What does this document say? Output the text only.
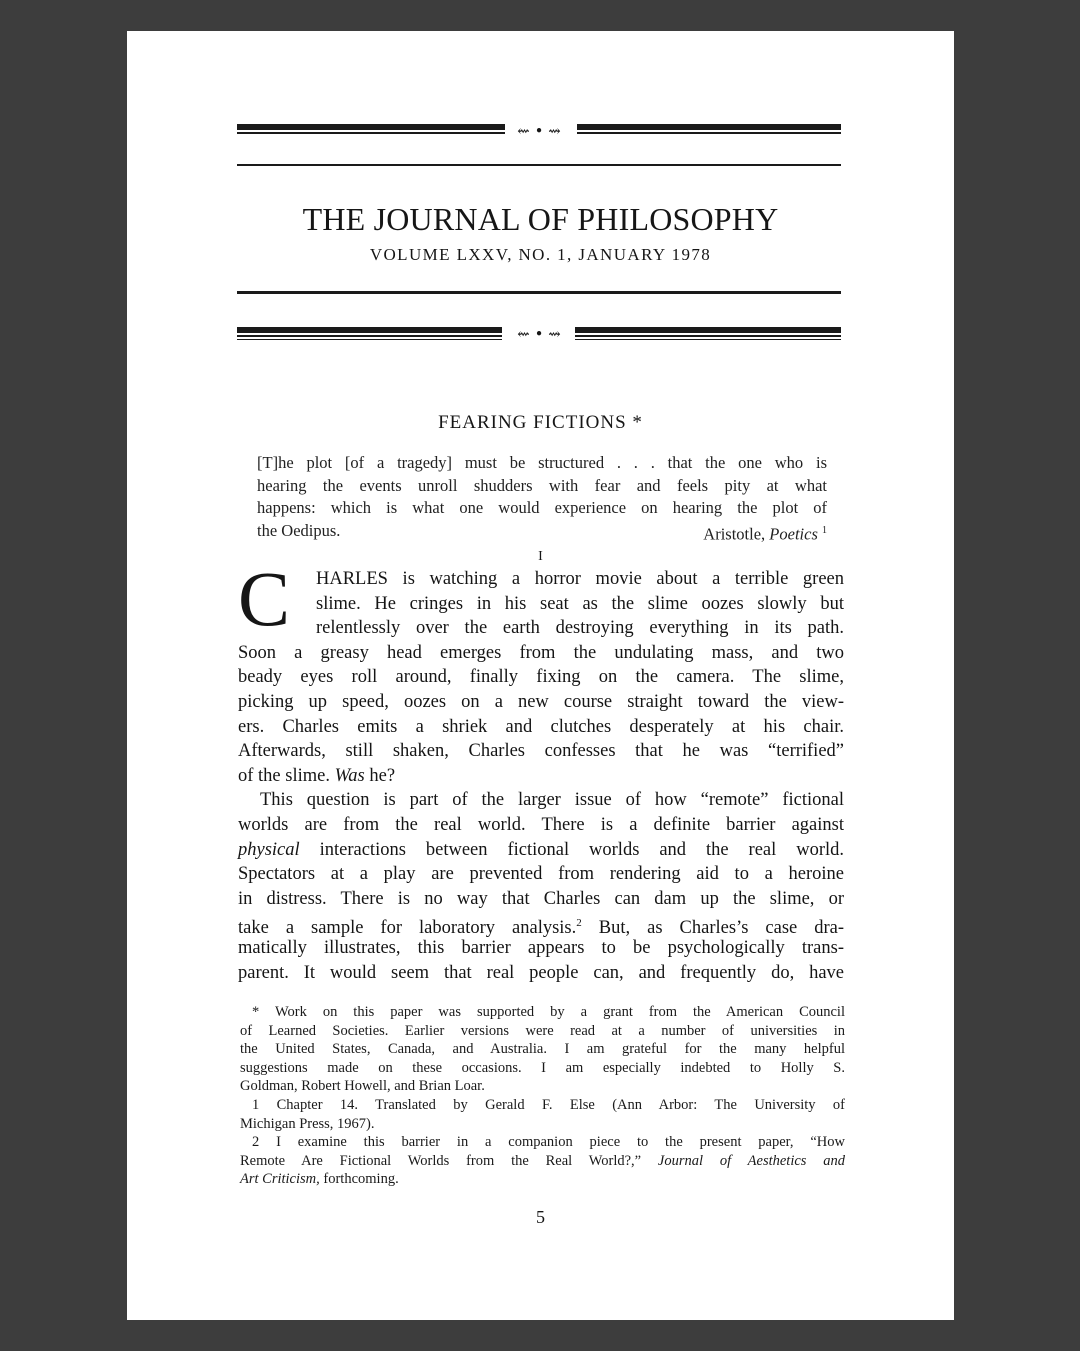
⇜ • ⇝
THE JOURNAL OF PHILOSOPHY
VOLUME LXXV, NO. 1, JANUARY 1978
⇜ • ⇝
FEARING FICTIONS *
[T]he plot [of a tragedy] must be structured . . . that the one who is
hearing the events unroll shudders with fear and feels pity at what
happens: which is what one would experience on hearing the plot of
the Oedipus.	Aristotle, Poetics $^1$
I
C	HARLES is watching a horror movie about a terrible green
slime. He cringes in his seat as the slime oozes slowly but
relentlessly over the earth destroying everything in its path.
Soon a greasy head emerges from the undulating mass, and two
beady eyes roll around, finally fixing on the camera. The slime,
picking up speed, oozes on a new course straight toward the view-
ers. Charles emits a shriek and clutches desperately at his chair.
Afterwards, still shaken, Charles confesses that he was “terrified”
of the slime. Was he?
This question is part of the larger issue of how “remote” fictional
worlds are from the real world. There is a definite barrier against
physical interactions between fictional worlds and the real world.
Spectators at a play are prevented from rendering aid to a heroine
in distress. There is no way that Charles can dam up the slime, or
take a sample for laboratory analysis.$^2$ But, as Charles’s case dra-
matically illustrates, this barrier appears to be psychologically trans-
parent. It would seem that real people can, and frequently do, have
* Work on this paper was supported by a grant from the American Council
of Learned Societies. Earlier versions were read at a number of universities in
the United States, Canada, and Australia. I am grateful for the many helpful
suggestions made on these occasions. I am especially indebted to Holly S.
Goldman, Robert Howell, and Brian Loar.
1 Chapter 14. Translated by Gerald F. Else (Ann Arbor: The University of
Michigan Press, 1967).
2 I examine this barrier in a companion piece to the present paper, “How
Remote Are Fictional Worlds from the Real World?,” Journal of Aesthetics and
Art Criticism, forthcoming.
5
